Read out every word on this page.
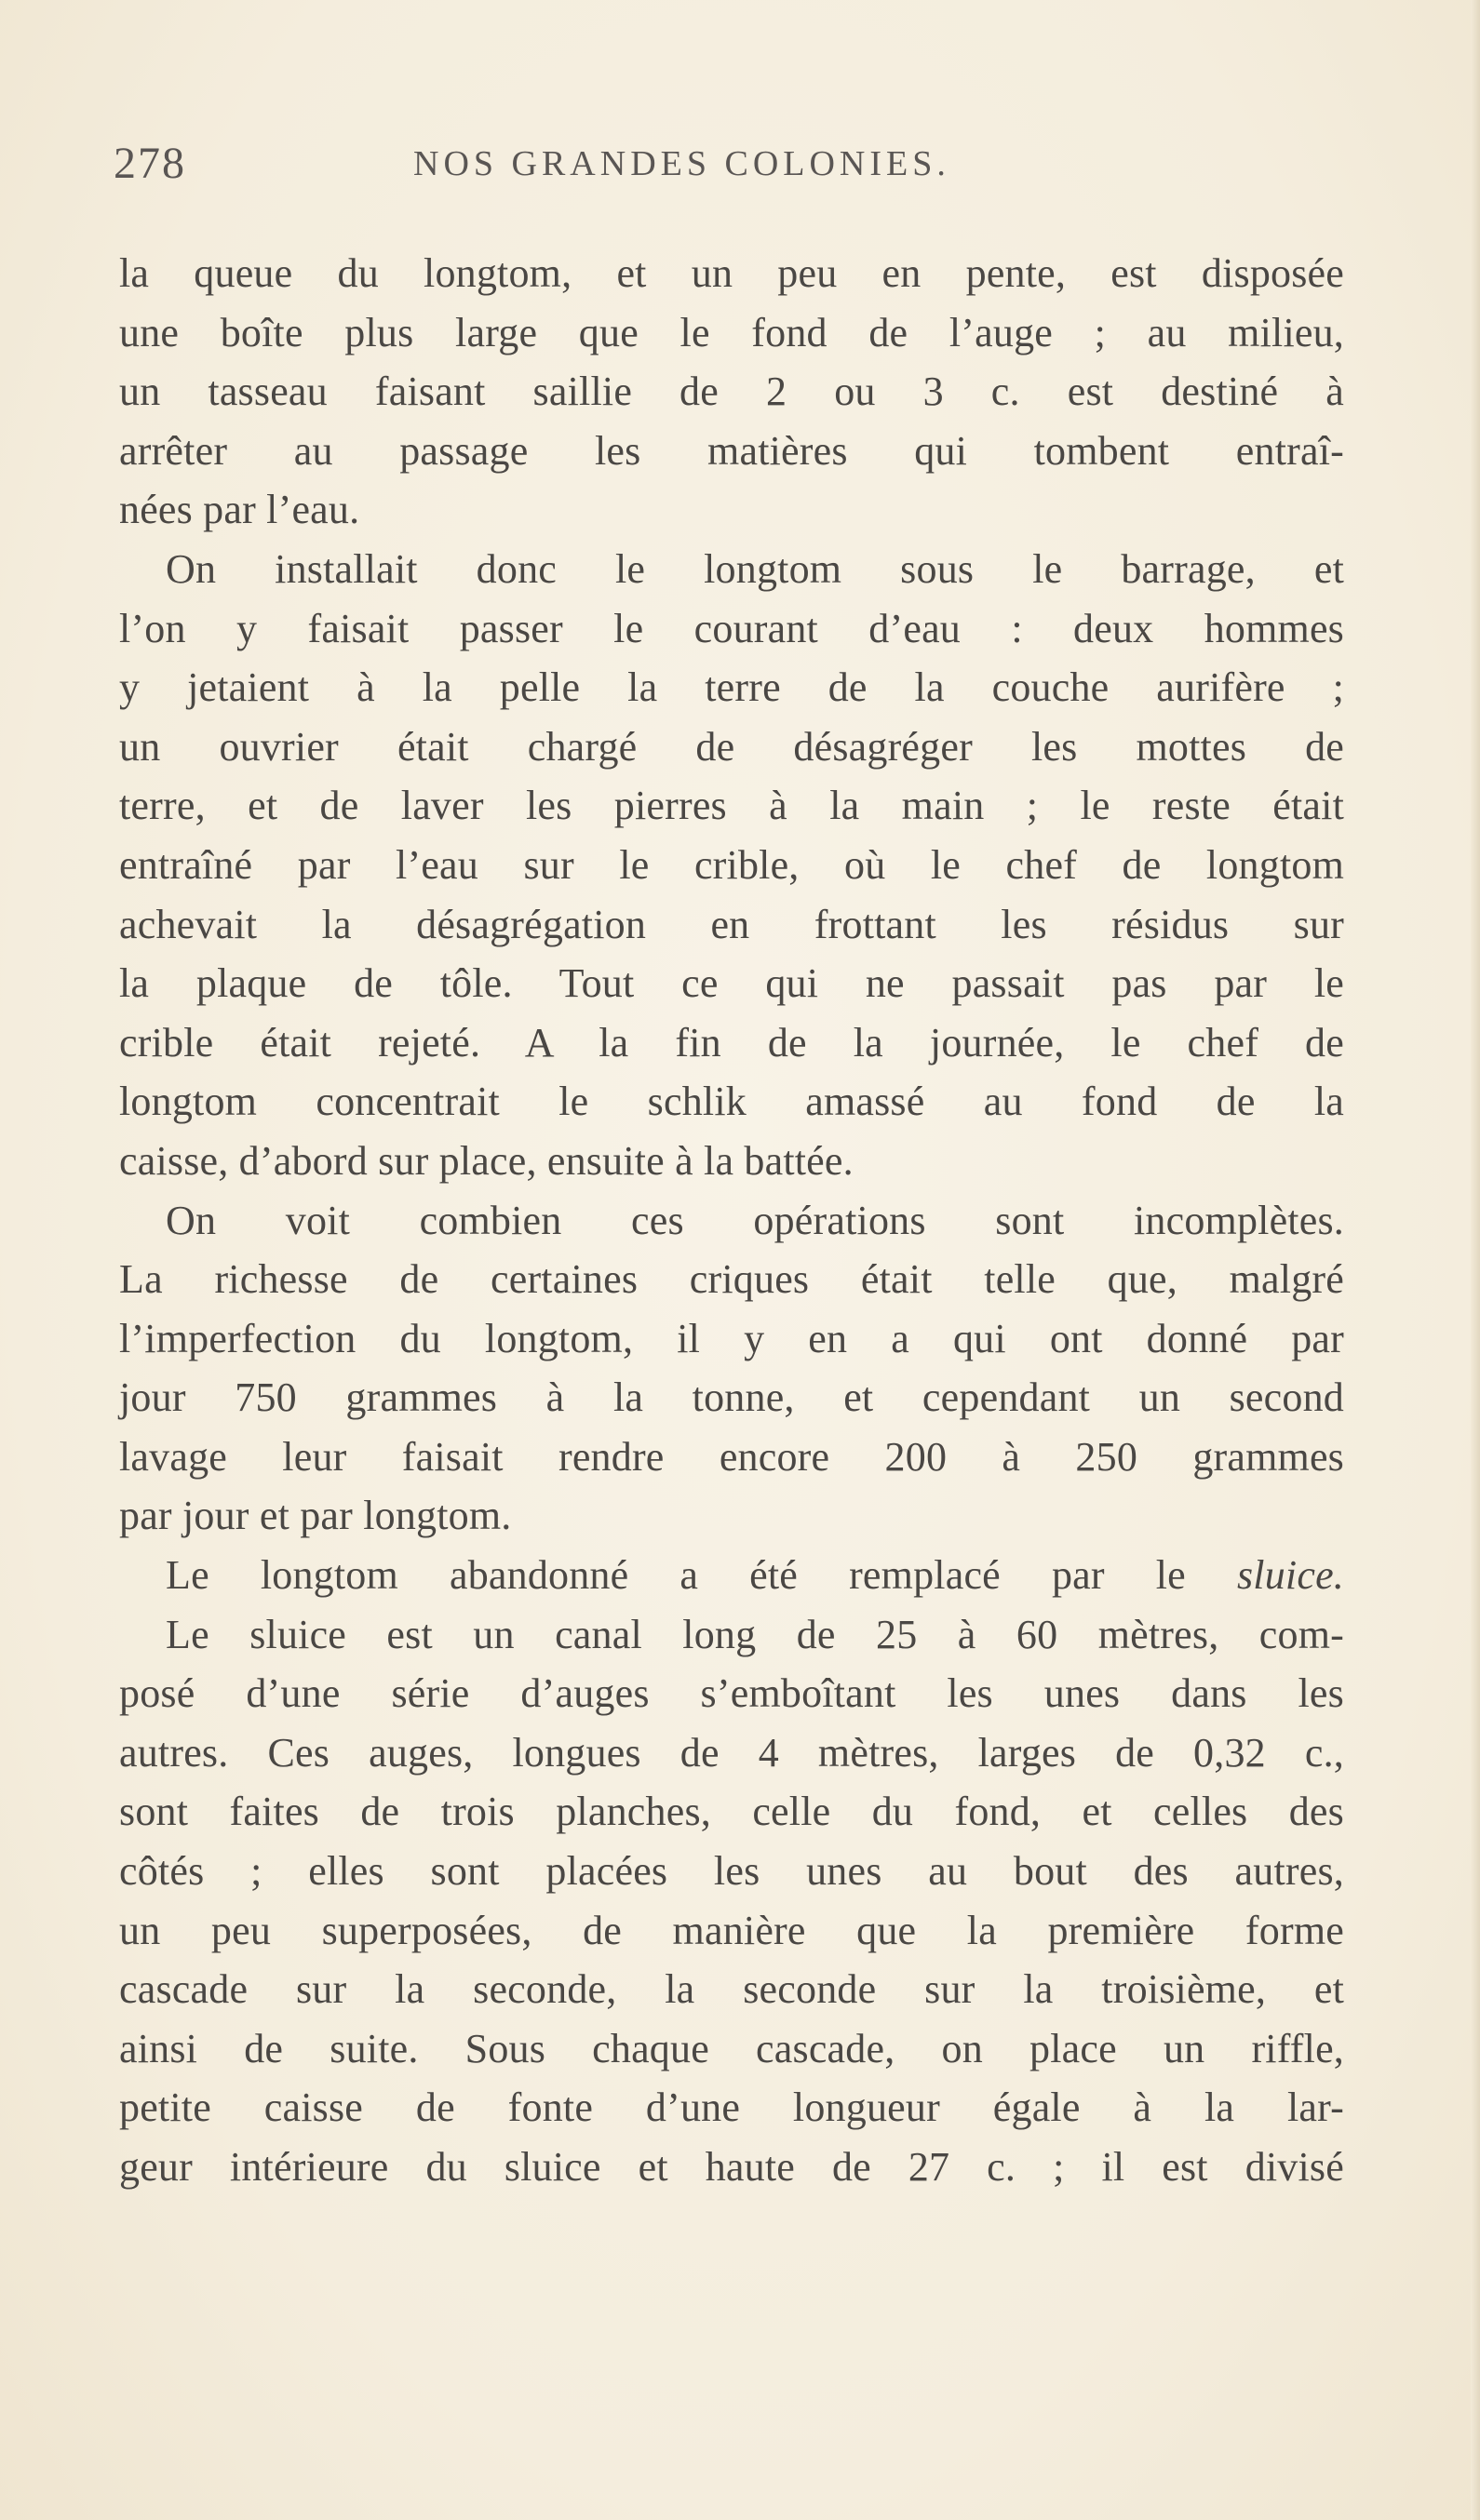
278	NOS GRANDES COLONIES.
la queue du longtom, et un peu en pente, est disposée
une boîte plus large que le fond de l’auge ; au milieu,
un tasseau faisant saillie de 2 ou 3 c. est destiné à
arrêter au passage les matières qui tombent entraî-
nées par l’eau.
On installait donc le longtom sous le barrage, et
l’on y faisait passer le courant d’eau : deux hommes
y jetaient à la pelle la terre de la couche aurifère ;
un ouvrier était chargé de désagréger les mottes de
terre, et de laver les pierres à la main ; le reste était
entraîné par l’eau sur le crible, où le chef de longtom
achevait la désagrégation en frottant les résidus sur
la plaque de tôle. Tout ce qui ne passait pas par le
crible était rejeté. A la fin de la journée, le chef de
longtom concentrait le schlik amassé au fond de la
caisse, d’abord sur place, ensuite à la battée.
On voit combien ces opérations sont incomplètes.
La richesse de certaines criques était telle que, malgré
l’imperfection du longtom, il y en a qui ont donné par
jour 750 grammes à la tonne, et cependant un second
lavage leur faisait rendre encore 200 à 250 grammes
par jour et par longtom.
Le longtom abandonné a été remplacé par le sluice.
Le sluice est un canal long de 25 à 60 mètres, com-
posé d’une série d’auges s’emboîtant les unes dans les
autres. Ces auges, longues de 4 mètres, larges de 0,32 c.,
sont faites de trois planches, celle du fond, et celles des
côtés ; elles sont placées les unes au bout des autres,
un peu superposées, de manière que la première forme
cascade sur la seconde, la seconde sur la troisième, et
ainsi de suite. Sous chaque cascade, on place un riffle,
petite caisse de fonte d’une longueur égale à la lar-
geur intérieure du sluice et haute de 27 c. ; il est divisé
